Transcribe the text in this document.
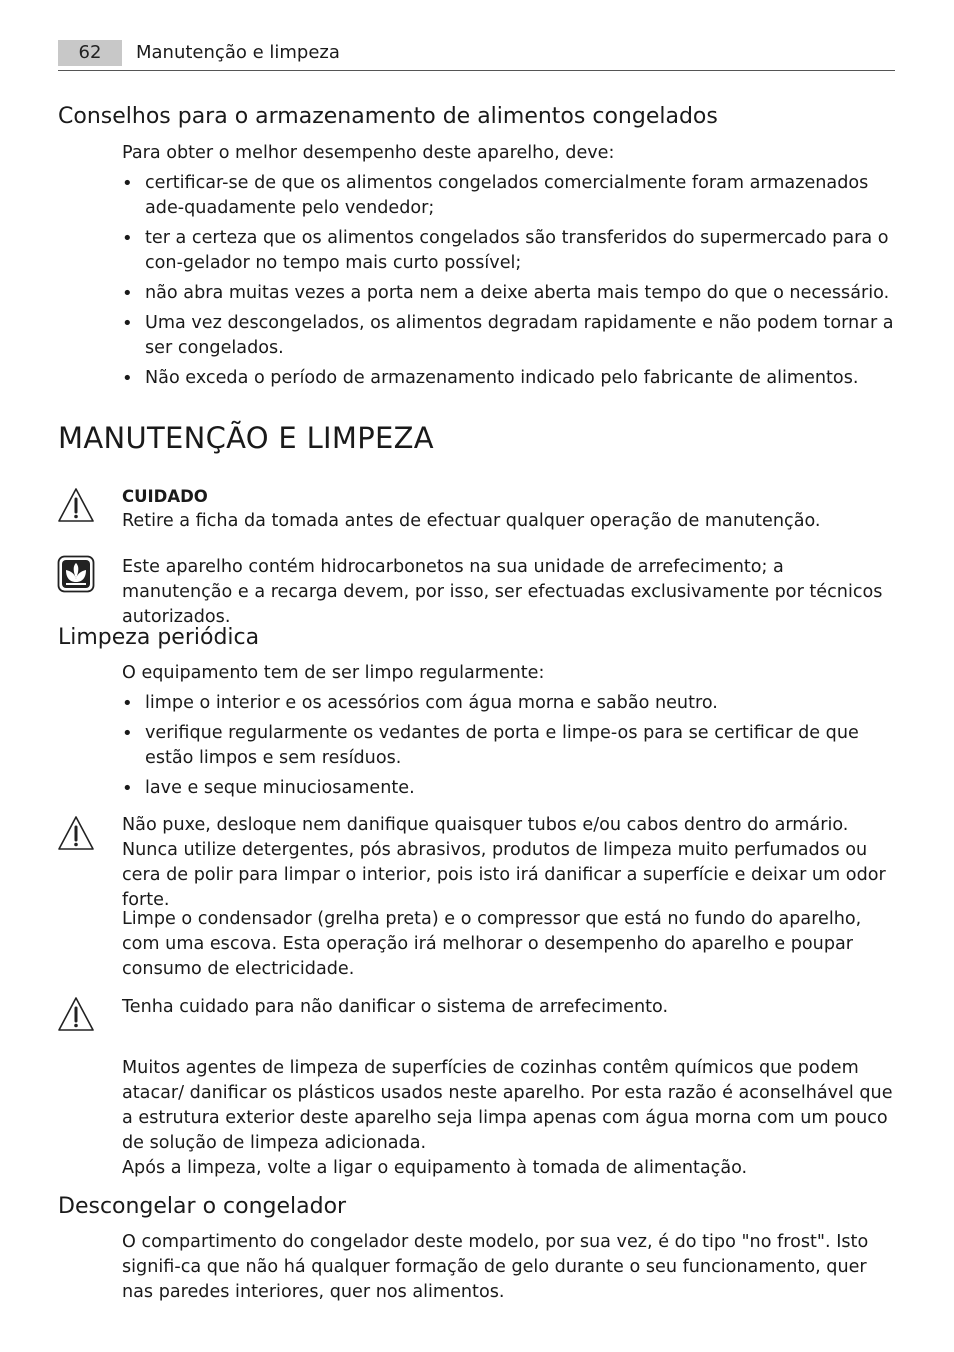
62	Manutenção e limpeza
Conselhos para o armazenamento de alimentos congelados
Para obter o melhor desempenho deste aparelho, deve:
• certificar-se de que os alimentos congelados comercialmente foram armazenados ade-quadamente pelo vendedor;
• ter a certeza que os alimentos congelados são transferidos do supermercado para o con-gelador no tempo mais curto possível;
• não abra muitas vezes a porta nem a deixe aberta mais tempo do que o necessário.
• Uma vez descongelados, os alimentos degradam rapidamente e não podem tornar a ser congelados.
• Não exceda o período de armazenamento indicado pelo fabricante de alimentos.
MANUTENÇÃO E LIMPEZA

CUIDADO

Retire a ficha da tomada antes de efectuar qualquer operação de manutenção.

Este aparelho contém hidrocarbonetos na sua unidade de arrefecimento; a manutenção e a recarga devem, por isso, ser efectuadas exclusivamente por técnicos autorizados.
Limpeza periódica
O equipamento tem de ser limpo regularmente:
• limpe o interior e os acessórios com água morna e sabão neutro.
• verifique regularmente os vedantes de porta e limpe-os para se certificar de que estão limpos e sem resíduos.
• lave e seque minuciosamente.

Não puxe, desloque nem danifique quaisquer tubos e/ou cabos dentro do armário.

Nunca utilize detergentes, pós abrasivos, produtos de limpeza muito perfumados ou cera de polir para limpar o interior, pois isto irá danificar a superfície e deixar um odor forte.

Limpe o condensador (grelha preta) e o compressor que está no fundo do aparelho, com uma escova. Esta operação irá melhorar o desempenho do aparelho e poupar consumo de electricidade.
Tenha cuidado para não danificar o sistema de arrefecimento.

Muitos agentes de limpeza de superfícies de cozinhas contêm químicos que podem atacar/ danificar os plásticos usados neste aparelho. Por esta razão é aconselhável que a estrutura exterior deste aparelho seja limpa apenas com água morna com um pouco de solução de limpeza adicionada.

Após a limpeza, volte a ligar o equipamento à tomada de alimentação.

Descongelar o congelador
O compartimento do congelador deste modelo, por sua vez, é do tipo "no frost". Isto signifi-ca que não há qualquer formação de gelo durante o seu funcionamento, quer nas paredes interiores, quer nos alimentos.
